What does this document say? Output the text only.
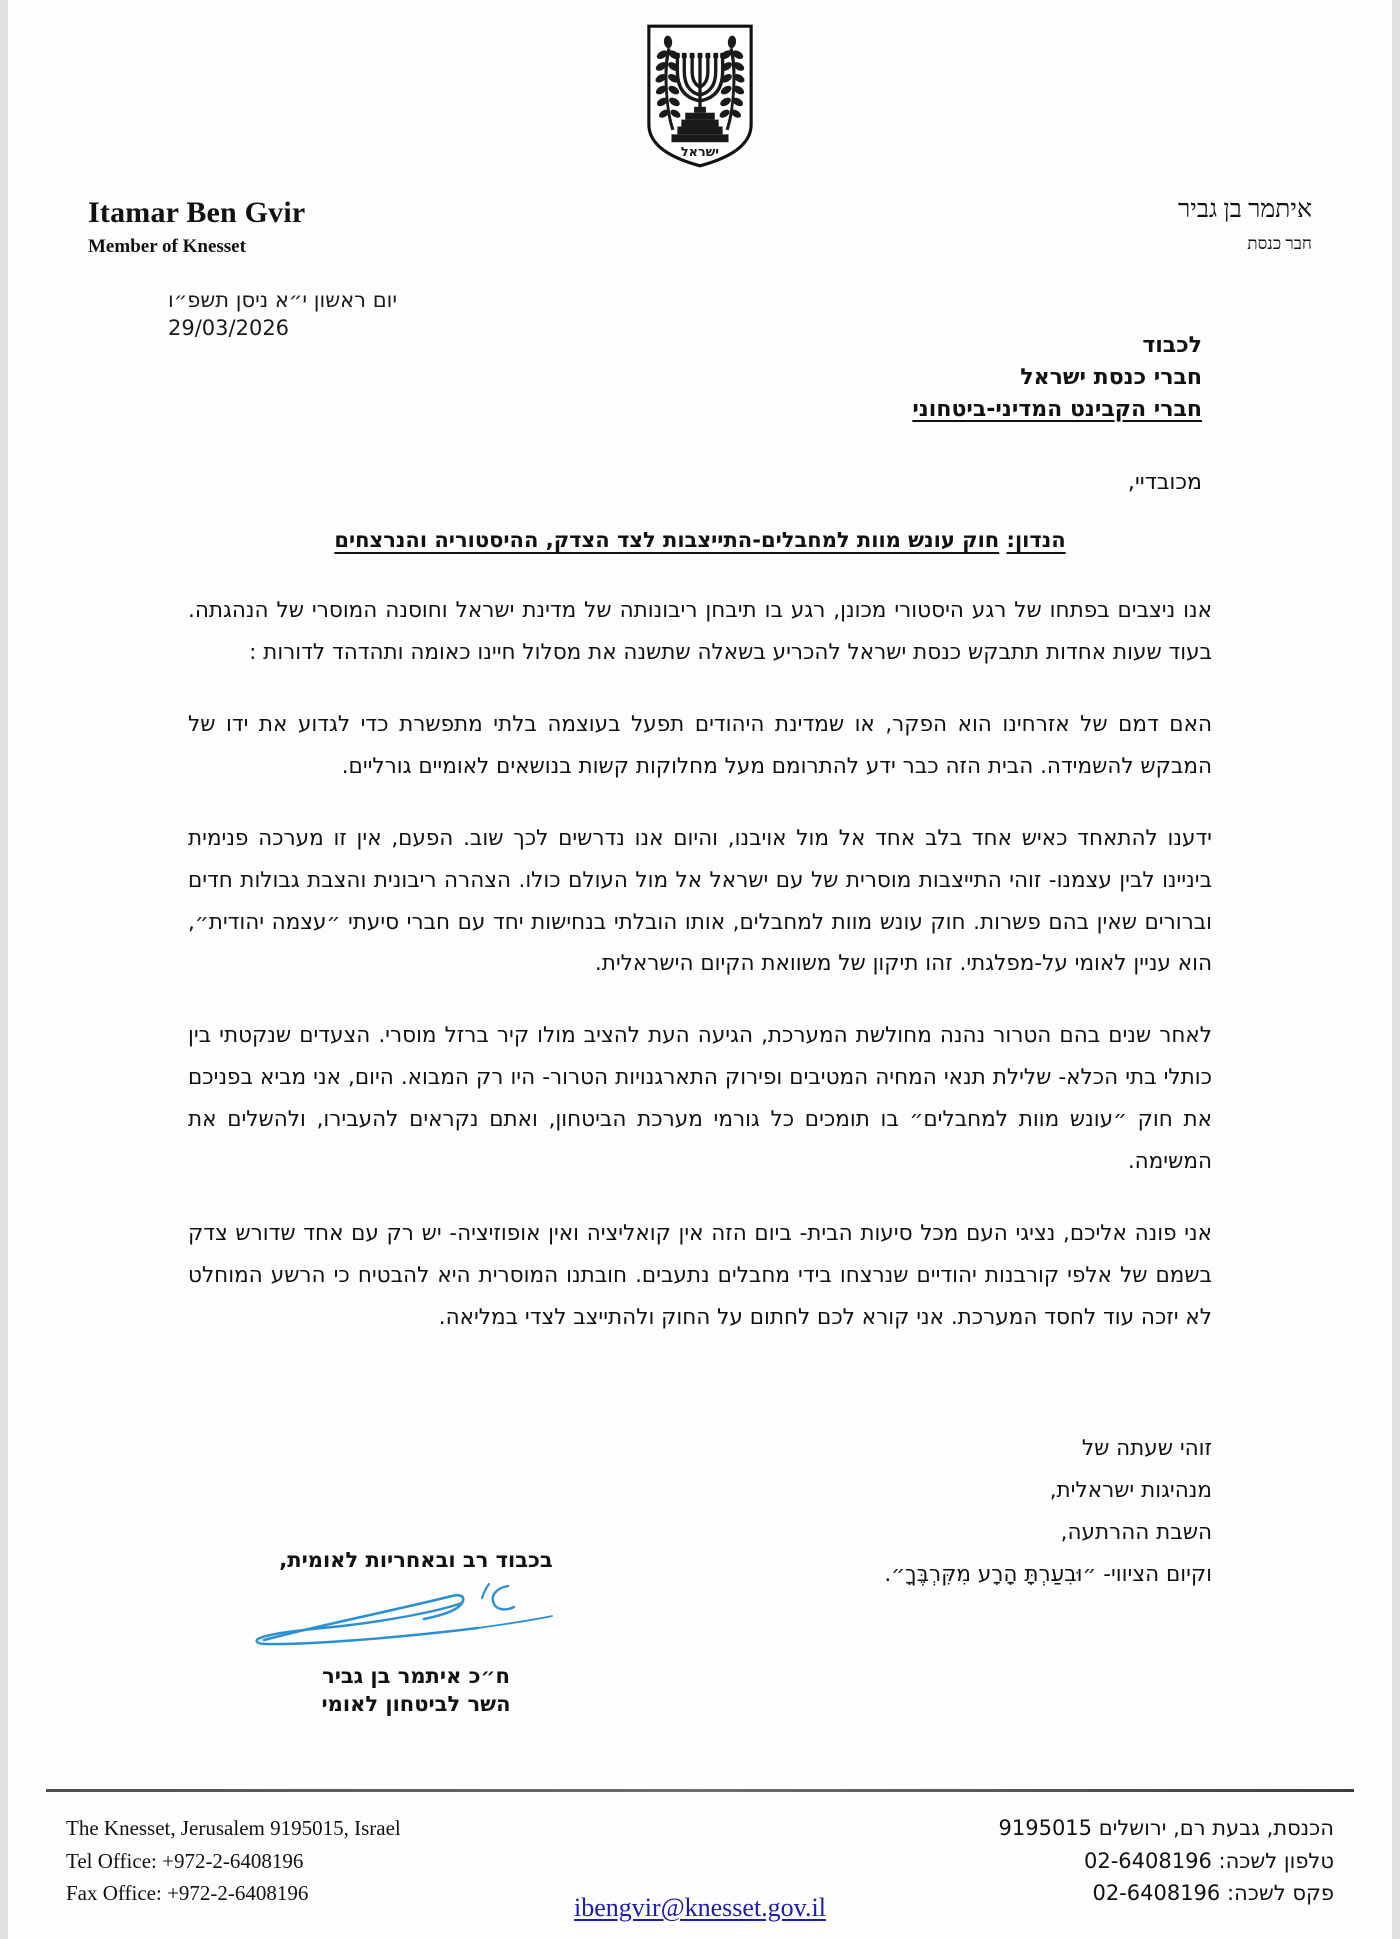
ישראל
Itamar Ben Gvir
Member of Knesset
איתמר בן גביר
חבר כנסת
יום ראשון י״א ניסן תשפ״ו
29/03/2026
לכבוד
חברי כנסת ישראל
חברי הקבינט המדיני-ביטחוני
מכובדיי,
הנדון: חוק עונש מוות למחבלים-התייצבות לצד הצדק, ההיסטוריה והנרצחים

אנו ניצבים בפתחו של רגע היסטורי מכונן, רגע בו תיבחן ריבונותה של מדינת ישראל וחוסנה המוסרי של הנהגתה. בעוד שעות אחדות תתבקש כנסת ישראל להכריע בשאלה שתשנה את מסלול חיינו כאומה ותהדהד לדורות :

האם דמם של אזרחינו הוא הפקר, או שמדינת היהודים תפעל בעוצמה בלתי מתפשרת כדי לגדוע את ידו של המבקש להשמידה. הבית הזה כבר ידע להתרומם מעל מחלוקות קשות בנושאים לאומיים גורליים.

ידענו להתאחד כאיש אחד בלב אחד אל מול אויבנו, והיום אנו נדרשים לכך שוב. הפעם, אין זו מערכה פנימית ביניינו לבין עצמנו- זוהי התייצבות מוסרית של עם ישראל אל מול העולם כולו. הצהרה ריבונית והצבת גבולות חדים וברורים שאין בהם פשרות. חוק עונש מוות למחבלים, אותו הובלתי בנחישות יחד עם חברי סיעתי ״עצמה יהודית״, הוא עניין לאומי על-מפלגתי. זהו תיקון של משוואת הקיום הישראלית.

לאחר שנים בהם הטרור נהנה מחולשת המערכת, הגיעה העת להציב מולו קיר ברזל מוסרי. הצעדים שנקטתי בין כותלי בתי הכלא- שלילת תנאי המחיה המטיבים ופירוק התארגנויות הטרור- היו רק המבוא. היום, אני מביא בפניכם את חוק ״עונש מוות למחבלים״ בו תומכים כל גורמי מערכת הביטחון, ואתם נקראים להעבירו, ולהשלים את המשימה.

אני פונה אליכם, נציגי העם מכל סיעות הבית- ביום הזה אין קואליציה ואין אופוזיציה- יש רק עם אחד שדורש צדק בשמם של אלפי קורבנות יהודיים שנרצחו בידי מחבלים נתעבים. חובתנו המוסרית היא להבטיח כי הרשע המוחלט לא יזכה עוד לחסד המערכת. אני קורא לכם לחתום על החוק ולהתייצב לצדי במליאה.

זוהי שעתה של
מנהיגות ישראלית,
השבת ההרתעה,
וקיום הציווי- ״וּבִעַרְתָּ הָרָע מִקִּרְבֶּךָ״.
בכבוד רב ובאחריות לאומית,
ח״כ איתמר בן גביר
השר לביטחון לאומי
The Knesset, Jerusalem 9195015, Israel
Tel Office: +972-2-6408196
Fax Office: +972-2-6408196
הכנסת, גבעת רם, ירושלים 9195015
טלפון לשכה: 02-6408196
פקס לשכה: 02-6408196
ibengvir@knesset.gov.il
